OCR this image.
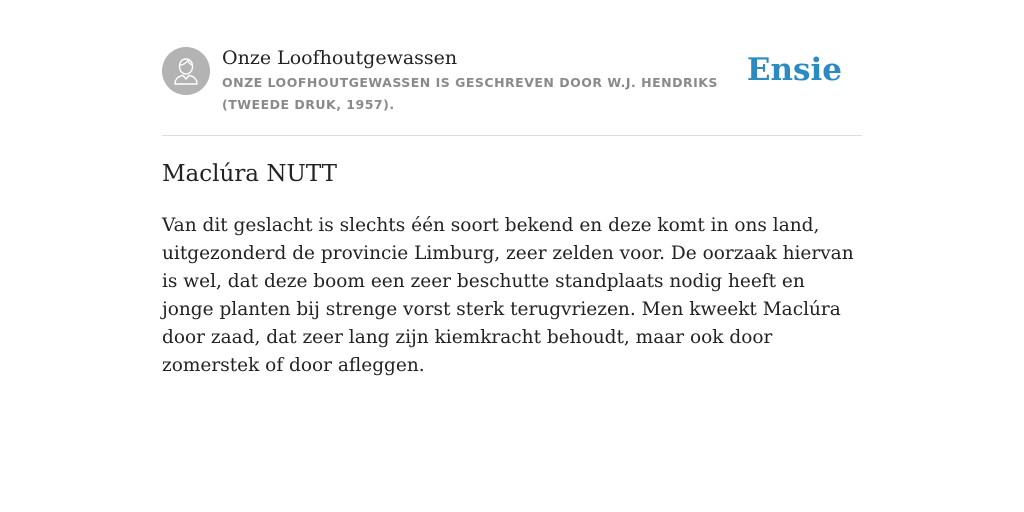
Onze Loofhoutgewassen
ONZE LOOFHOUTGEWASSEN IS GESCHREVEN DOOR W.J. HENDRIKS (TWEEDE DRUK, 1957).
Ensie
Maclúra NUTT
Van dit geslacht is slechts één soort bekend en deze komt in ons land, uitgezonderd de provincie Limburg, zeer zelden voor. De oorzaak hiervan is wel, dat deze boom een zeer beschutte standplaats nodig heeft en jonge planten bij strenge vorst sterk terugvriezen. Men kweekt Maclúra door zaad, dat zeer lang zijn kiemkracht behoudt, maar ook door zomerstek of door afleggen.
